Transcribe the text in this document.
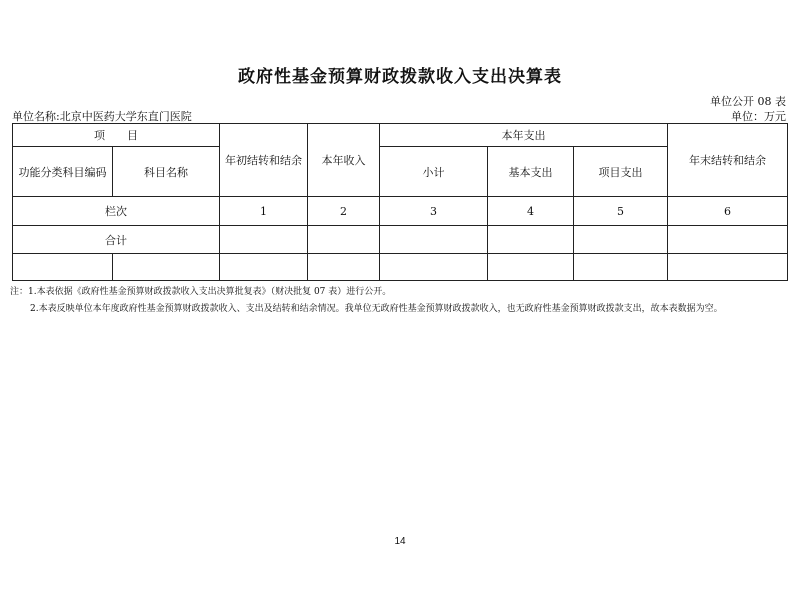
政府性基金预算财政拨款收入支出决算表
单位公开 08 表
单位名称:北京中医药大学东直门医院	单位：万元
项　　目		年初结转和结余	本年收入	本年支出			年末结转和结余
功能分类科目编码	科目名称			小计	基本支出	项目支出	
栏次		1	2	3	4	5	6
合计							

注：1.本表依据《政府性基金预算财政拨款收入支出决算批复表》（财决批复 07 表）进行公开。
2.本表反映单位本年度政府性基金预算财政拨款收入、支出及结转和结余情况。我单位无政府性基金预算财政拨款收入，也无政府性基金预算财政拨款支出，故本表数据为空。
14
